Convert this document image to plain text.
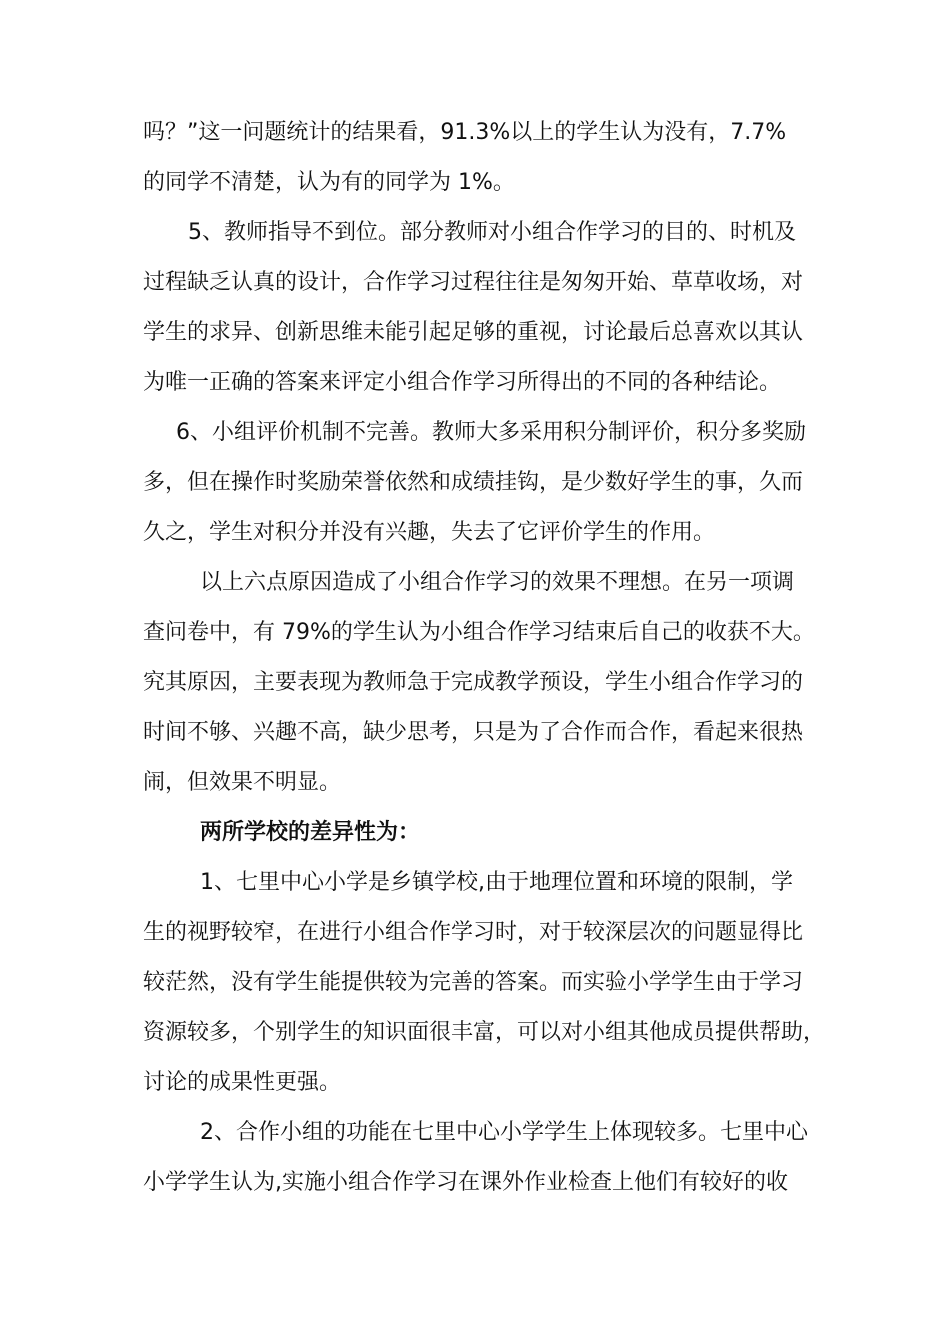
吗？”这一问题统计的结果看，91.3%以上的学生认为没有，7.7%
的同学不清楚，认为有的同学为 1%。
5、教师指导不到位。部分教师对小组合作学习的目的、时机及
过程缺乏认真的设计，合作学习过程往往是匆匆开始、草草收场，对
学生的求异、创新思维未能引起足够的重视，讨论最后总喜欢以其认
为唯一正确的答案来评定小组合作学习所得出的不同的各种结论。
6、小组评价机制不完善。教师大多采用积分制评价，积分多奖励
多，但在操作时奖励荣誉依然和成绩挂钩，是少数好学生的事，久而
久之，学生对积分并没有兴趣，失去了它评价学生的作用。
以上六点原因造成了小组合作学习的效果不理想。在另一项调
查问卷中，有 79%的学生认为小组合作学习结束后自己的收获不大。
究其原因，主要表现为教师急于完成教学预设，学生小组合作学习的
时间不够、兴趣不高，缺少思考，只是为了合作而合作，看起来很热
闹，但效果不明显。
两所学校的差异性为：
1、七里中心小学是乡镇学校,由于地理位置和环境的限制，学
生的视野较窄，在进行小组合作学习时，对于较深层次的问题显得比
较茫然，没有学生能提供较为完善的答案。而实验小学学生由于学习
资源较多，个别学生的知识面很丰富，可以对小组其他成员提供帮助，
讨论的成果性更强。
2、合作小组的功能在七里中心小学学生上体现较多。七里中心
小学学生认为,实施小组合作学习在课外作业检查上他们有较好的收
